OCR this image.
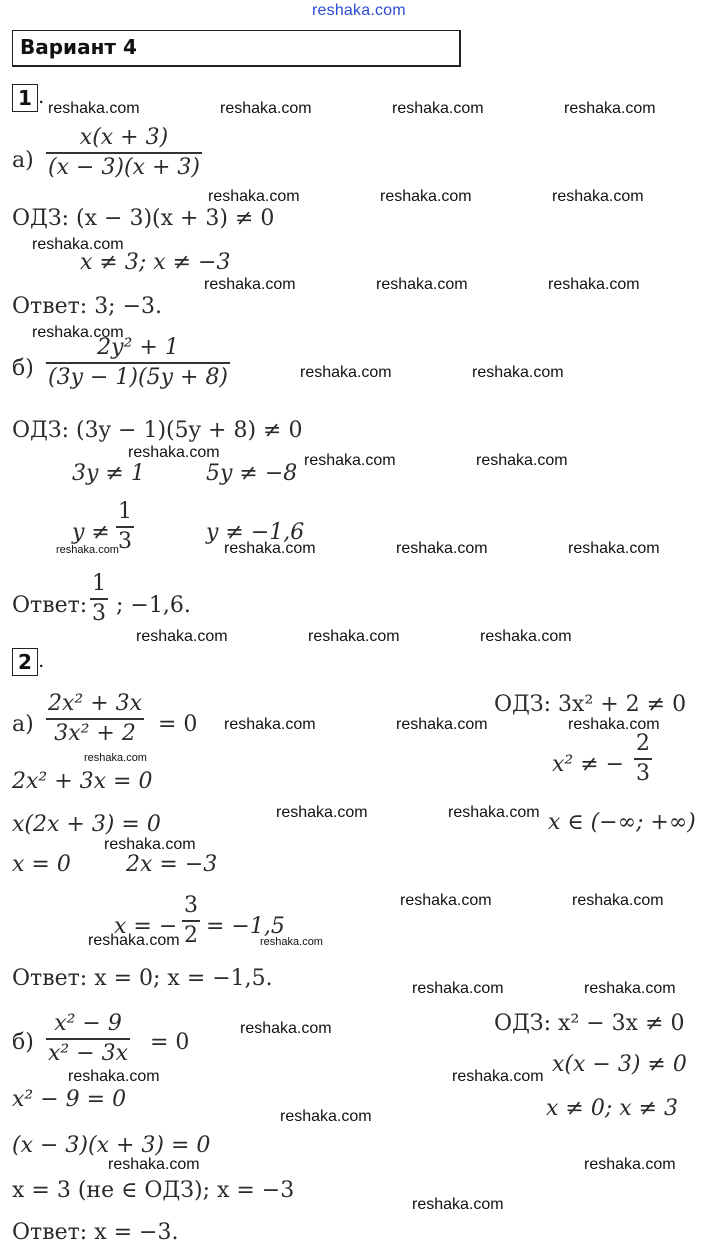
reshaka.com
Вариант 4
1 .
а)
x(x + 3)
(x − 3)(x + 3)
ОДЗ: (x − 3)(x + 3) ≠ 0
x ≠ 3; x ≠ −3
Ответ: 3; −3.
б)
2y² + 1
(3y − 1)(5y + 8)
ОДЗ: (3y − 1)(5y + 8) ≠ 0
3y ≠ 1	5y ≠ −8
y ≠
1
3	y ≠ −1,6
Ответ:
1
3 ; −1,6.
2 .
а)
2x² + 3x
3x² + 2 = 0
ОДЗ: 3x² + 2 ≠ 0
x² ≠ −
2
3
x ∈ (−∞; +∞)
2x² + 3x = 0
x(2x + 3) = 0
x = 0	2x = −3
x = −
3
2 = −1,5
Ответ: x = 0; x = −1,5.
б)
x² − 9
x² − 3x = 0
ОДЗ: x² − 3x ≠ 0
x(x − 3) ≠ 0
x ≠ 0; x ≠ 3
x² − 9 = 0
(x − 3)(x + 3) = 0
x = 3 (не ∈ ОДЗ); x = −3
Ответ: x = −3.
reshaka.com	reshaka.com	reshaka.com	reshaka.com
reshaka.com	reshaka.com	reshaka.com
reshaka.com
reshaka.com	reshaka.com	reshaka.com
reshaka.com
reshaka.com	reshaka.com
reshaka.com	reshaka.com	reshaka.com
reshaka.com	reshaka.com	reshaka.com	reshaka.com
reshaka.com	reshaka.com	reshaka.com
reshaka.com	reshaka.com	reshaka.com
reshaka.com
reshaka.com	reshaka.com
reshaka.com
reshaka.com	reshaka.com
reshaka.com	reshaka.com
reshaka.com	reshaka.com
reshaka.com
reshaka.com	reshaka.com
reshaka.com
reshaka.com	reshaka.com
reshaka.com
